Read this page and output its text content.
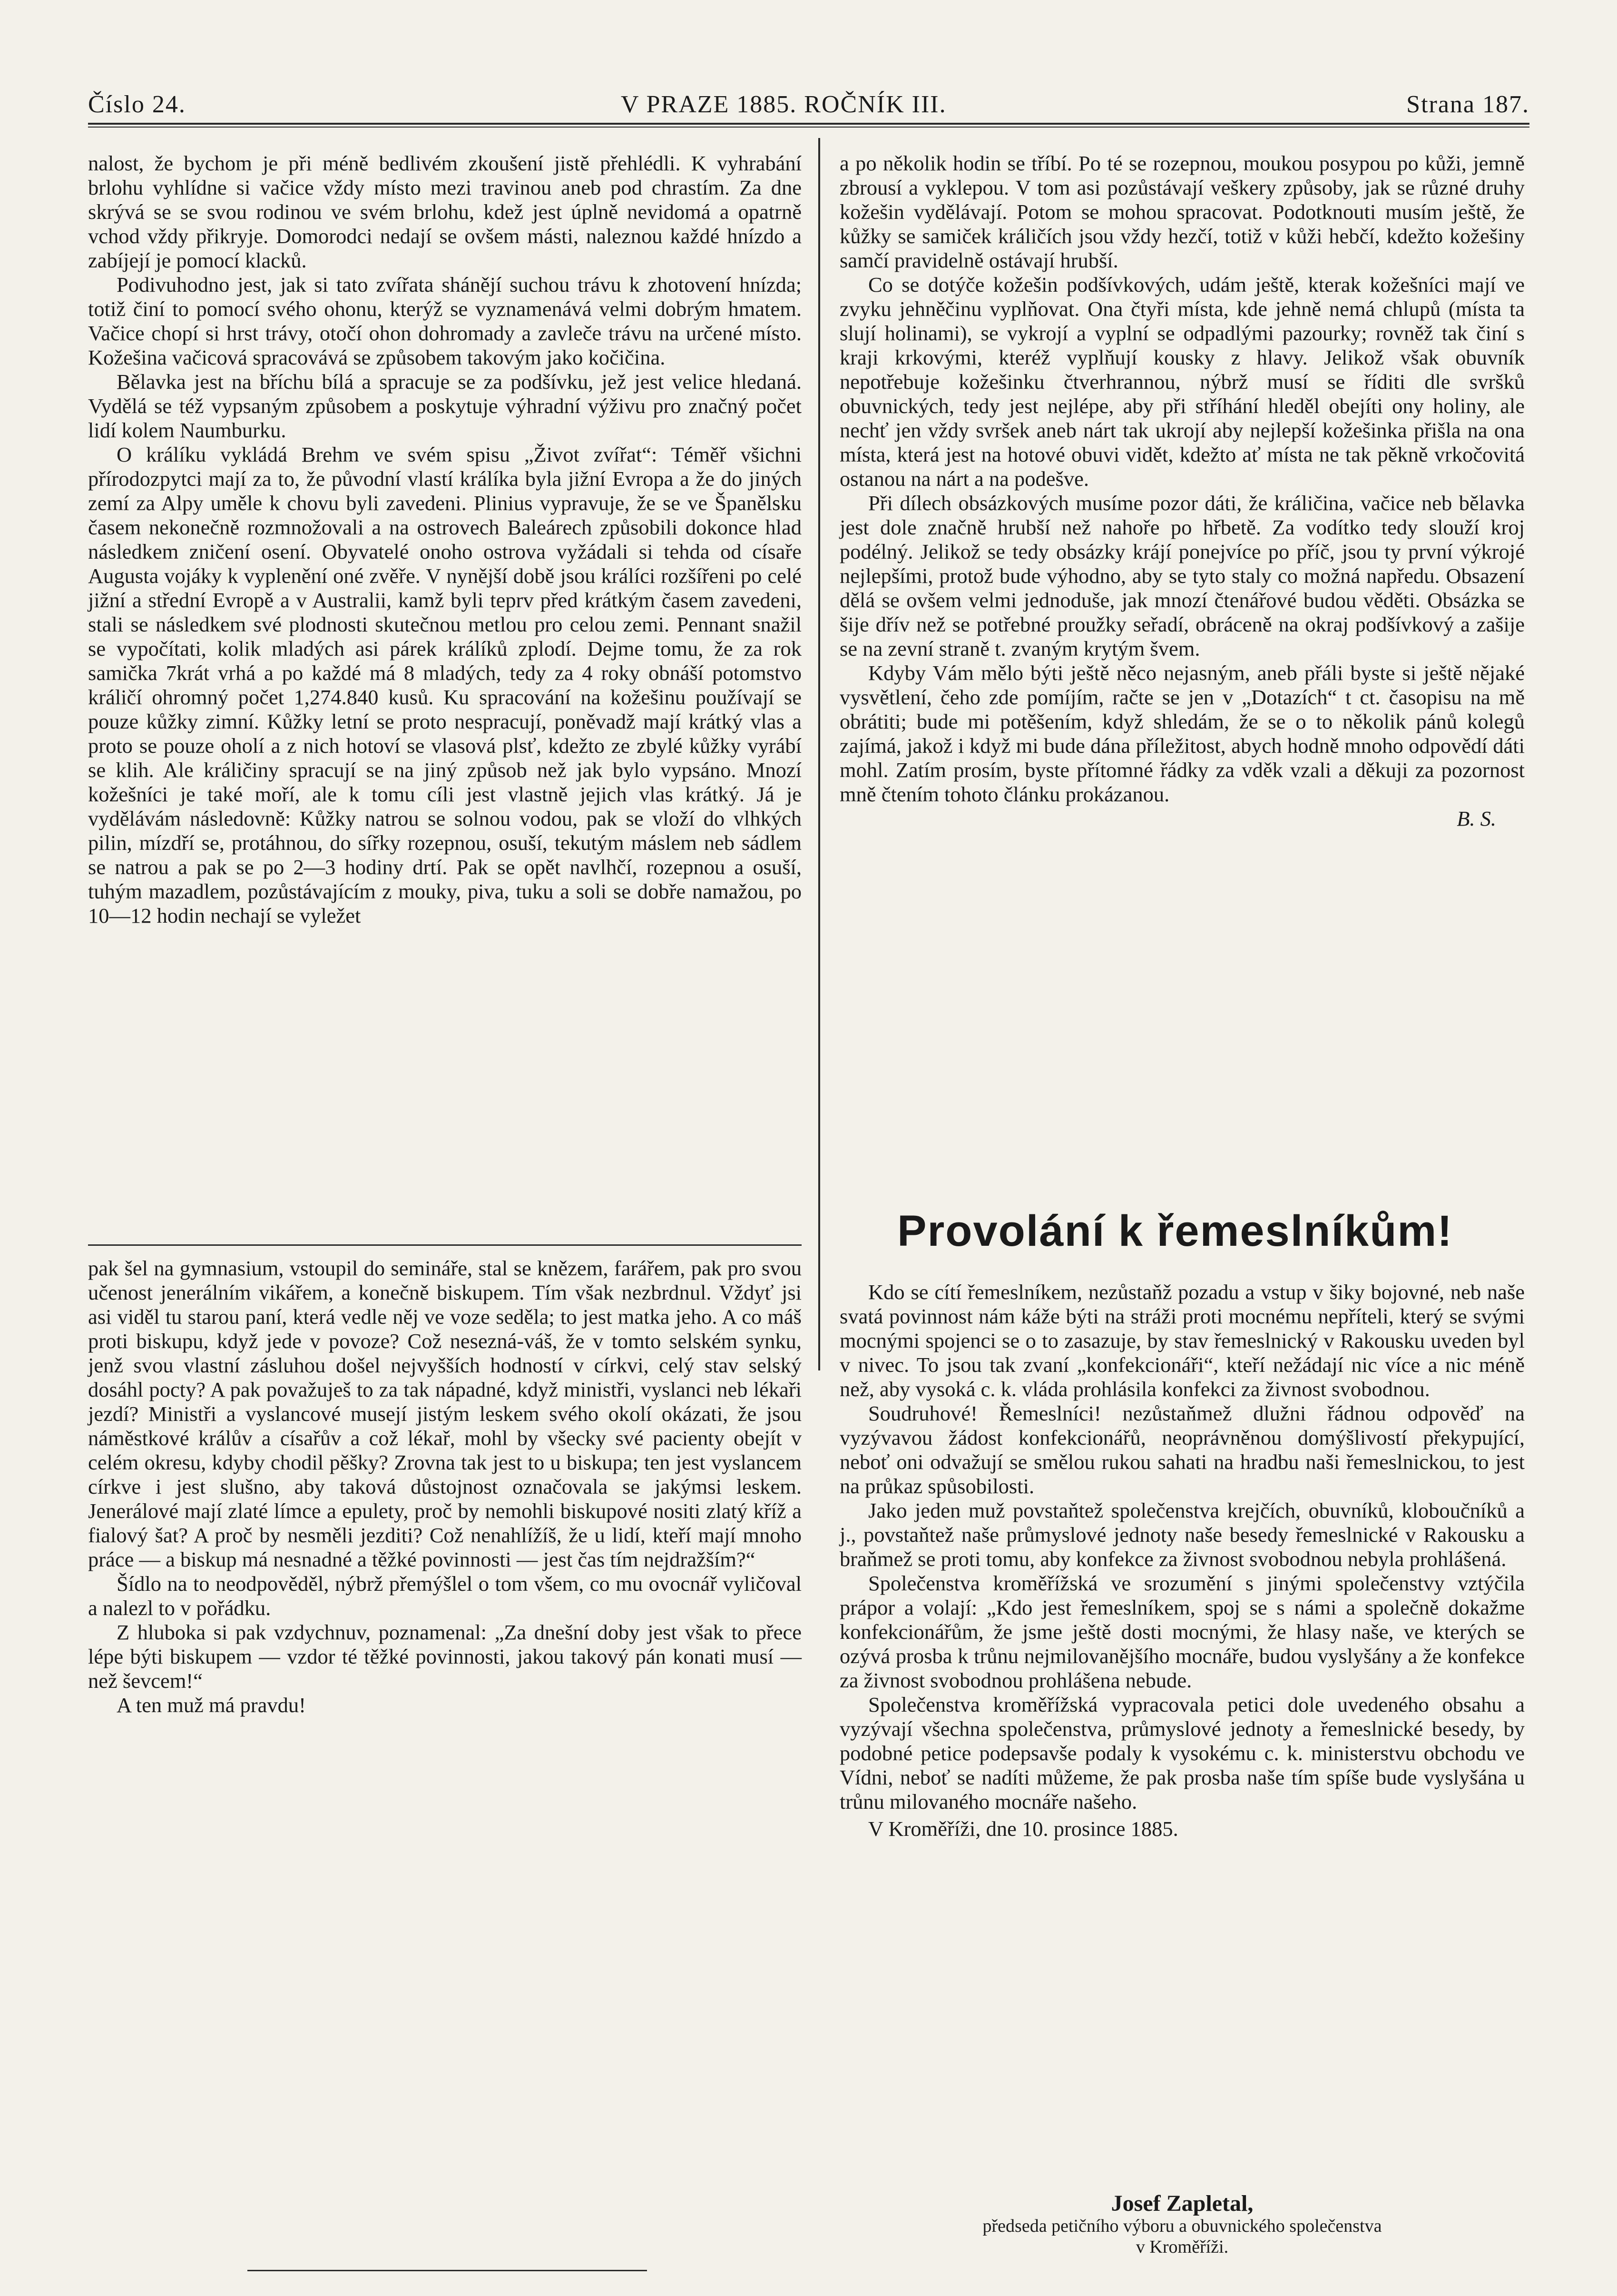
Číslo 24.	V PRAZE 1885. ROČNÍK III.	Strana 187.

nalost, že bychom je při méně bedlivém zkoušení jistě přehlédli. K vyhrabání brlohu vyhlídne si vačice vždy místo mezi travinou aneb pod chrastím. Za dne skrývá se se svou rodinou ve svém brlohu, kdež jest úplně nevidomá a opatrně vchod vždy přikryje. Domorodci nedají se ovšem másti, naleznou každé hnízdo a zabíjejí je pomocí klacků.

Podivuhodno jest, jak si tato zvířata shánějí suchou trávu k zhotovení hnízda; totiž činí to pomocí svého ohonu, kterýž se vyznamenává velmi dobrým hmatem. Vačice chopí si hrst trávy, otočí ohon dohromady a zavleče trávu na určené místo. Kožešina vačicová spracovává se způsobem takovým jako kočičina.

Bělavka jest na bříchu bílá a spracuje se za podšívku, jež jest velice hledaná. Vydělá se též vypsaným způsobem a poskytuje výhradní výživu pro značný počet lidí kolem Naumburku.

O králíku vykládá Brehm ve svém spisu „Život zvířat“: Téměř všichni přírodozpytci mají za to, že původní vlastí králíka byla jižní Evropa a že do jiných zemí za Alpy uměle k chovu byli zavedeni. Plinius vypravuje, že se ve Španělsku časem nekonečně rozmnožovali a na ostrovech Baleárech způsobili dokonce hlad následkem zničení osení. Obyvatelé onoho ostrova vyžádali si tehda od císaře Augusta vojáky k vyplenění oné zvěře. V nynější době jsou králíci rozšířeni po celé jižní a střední Evropě a v Australii, kamž byli teprv před krátkým časem zavedeni, stali se následkem své plodnosti skutečnou metlou pro celou zemi. Pennant snažil se vypočítati, kolik mladých asi párek králíků zplodí. Dejme tomu, že za rok samička 7krát vrhá a po každé má 8 mladých, tedy za 4 roky obnáší potomstvo králičí ohromný počet 1,274.840 kusů. Ku spracování na kožešinu používají se pouze kůžky zimní. Kůžky letní se proto nespracují, poněvadž mají krátký vlas a proto se pouze oholí a z nich hotoví se vlasová plsť, kdežto ze zbylé kůžky vyrábí se klih. Ale králičiny spracují se na jiný způsob než jak bylo vypsáno. Mnozí kožešníci je také moří, ale k tomu cíli jest vlastně jejich vlas krátký. Já je vydělávám následovně: Kůžky natrou se solnou vodou, pak se vloží do vlhkých pilin, mízdří se, protáhnou, do sířky rozepnou, osuší, tekutým máslem neb sádlem se natrou a pak se po 2—3 hodiny drtí. Pak se opět navlhčí, rozepnou a osuší, tuhým mazadlem, pozůstávajícím z mouky, piva, tuku a soli se dobře namažou, po 10—12 hodin nechají se vyležet

pak šel na gymnasium, vstoupil do semináře, stal se knězem, farářem, pak pro svou učenost jenerálním vikářem, a konečně biskupem. Tím však nezbrdnul. Vždyť jsi asi viděl tu starou paní, která vedle něj ve voze seděla; to jest matka jeho. A co máš proti biskupu, když jede v povoze? Což nesezná-váš, že v tomto selském synku, jenž svou vlastní zásluhou došel nejvyšších hodností v církvi, celý stav selský dosáhl pocty? A pak považuješ to za tak nápadné, když ministři, vyslanci neb lékaři jezdí? Ministři a vyslancové musejí jistým leskem svého okolí okázati, že jsou náměstkové králův a císařův a což lékař, mohl by všecky své pacienty obejít v celém okresu, kdyby chodil pěšky? Zrovna tak jest to u biskupa; ten jest vyslancem církve i jest slušno, aby taková důstojnost označovala se jakýmsi leskem. Jenerálové mají zlaté límce a epulety, proč by nemohli biskupové nositi zlatý kříž a fialový šat? A proč by nesměli jezditi? Což nenahlížíš, že u lidí, kteří mají mnoho práce — a biskup má nesnadné a těžké povinnosti — jest čas tím nejdražším?“

Šídlo na to neodpověděl, nýbrž přemýšlel o tom všem, co mu ovocnář vyličoval a nalezl to v pořádku.

Z hluboka si pak vzdychnuv, poznamenal: „Za dnešní doby jest však to přece lépe býti biskupem — vzdor té těžké povinnosti, jakou takový pán konati musí — než ševcem!“

A ten muž má pravdu!

a po několik hodin se tříbí. Po té se rozepnou, moukou posypou po kůži, jemně zbrousí a vyklepou. V tom asi pozůstávají veškery způsoby, jak se různé druhy kožešin vydělávají. Potom se mohou spracovat. Podotknouti musím ještě, že kůžky se samiček králičích jsou vždy hezčí, totiž v kůži hebčí, kdežto kožešiny samčí pravidelně ostávají hrubší.

Co se dotýče kožešin podšívkových, udám ještě, kterak kožešníci mají ve zvyku jehněčinu vyplňovat. Ona čtyři místa, kde jehně nemá chlupů (místa ta slují holinami), se vykrojí a vyplní se odpadlými pazourky; rovněž tak činí s kraji krkovými, kteréž vyplňují kousky z hlavy. Jelikož však obuvník nepotřebuje kožešinku čtverhrannou, nýbrž musí se říditi dle svršků obuvnických, tedy jest nejlépe, aby při stříhání hleděl obejíti ony holiny, ale nechť jen vždy svršek aneb nárt tak ukrojí aby nejlepší kožešinka přišla na ona místa, která jest na hotové obuvi vidět, kdežto ať místa ne tak pěkně vrkočovitá ostanou na nárt a na podešve.

Při dílech obsázkových musíme pozor dáti, že králičina, vačice neb bělavka jest dole značně hrubší než nahoře po hřbetě. Za vodítko tedy slouží kroj podélný. Jelikož se tedy obsázky krájí ponejvíce po příč, jsou ty první výkrojé nejlepšími, protož bude výhodno, aby se tyto staly co možná napředu. Obsazení dělá se ovšem velmi jednoduše, jak mnozí čtenářové budou věděti. Obsázka se šije dřív než se potřebné proužky seřadí, obráceně na okraj podšívkový a zašije se na zevní straně t. zvaným krytým švem.

Kdyby Vám mělo býti ještě něco nejasným, aneb přáli byste si ještě nějaké vysvětlení, čeho zde pomíjím, račte se jen v „Dotazích“ t ct. časopisu na mě obrátiti; bude mi potěšením, když shledám, že se o to několik pánů kolegů zajímá, jakož i když mi bude dána příležitost, abych hodně mnoho odpovědí dáti mohl. Zatím prosím, byste přítomné řádky za vděk vzali a děkuji za pozornost mně čtením tohoto článku prokázanou.

B. S.

Provolání k řemeslníkům!

Kdo se cítí řemeslníkem, nezůstaňž pozadu a vstup v šiky bojovné, neb naše svatá povinnost nám káže býti na stráži proti mocnému nepříteli, který se svými mocnými spojenci se o to zasazuje, by stav řemeslnický v Rakousku uveden byl v nivec. To jsou tak zvaní „konfekcionáři“, kteří nežádají nic více a nic méně než, aby vysoká c. k. vláda prohlásila konfekci za živnost svobodnou.

Soudruhové! Řemeslníci! nezůstaňmež dlužni řádnou odpověď na vyzývavou žádost konfekcionářů, neoprávněnou domýšlivostí překypující, neboť oni odvažují se smělou rukou sahati na hradbu naši řemeslnickou, to jest na průkaz spůsobilosti.

Jako jeden muž povstaňtež společenstva krejčích, obuvníků, kloboučníků a j., povstaňtež naše průmyslové jednoty naše besedy řemeslnické v Rakousku a braňmež se proti tomu, aby konfekce za živnost svobodnou nebyla prohlášená.

Společenstva kroměřížská ve srozumění s jinými společenstvy vztýčila prápor a volají: „Kdo jest řemeslníkem, spoj se s námi a společně dokažme konfekcionářům, že jsme ještě dosti mocnými, že hlasy naše, ve kterých se ozývá prosba k trůnu nejmilovanějšího mocnáře, budou vyslyšány a že konfekce za živnost svobodnou prohlášena nebude.

Společenstva kroměřížská vypracovala petici dole uvedeného obsahu a vyzývají všechna společenstva, průmyslové jednoty a řemeslnické besedy, by podobné petice podepsavše podaly k vysokému c. k. ministerstvu obchodu ve Vídni, neboť se nadíti můžeme, že pak prosba naše tím spíše bude vyslyšána u trůnu milovaného mocnáře našeho.

V Kroměříži, dne 10. prosince 1885.

Josef Zapletal,
předseda petičního výboru a obuvnického společenstva
v Kroměříži.
